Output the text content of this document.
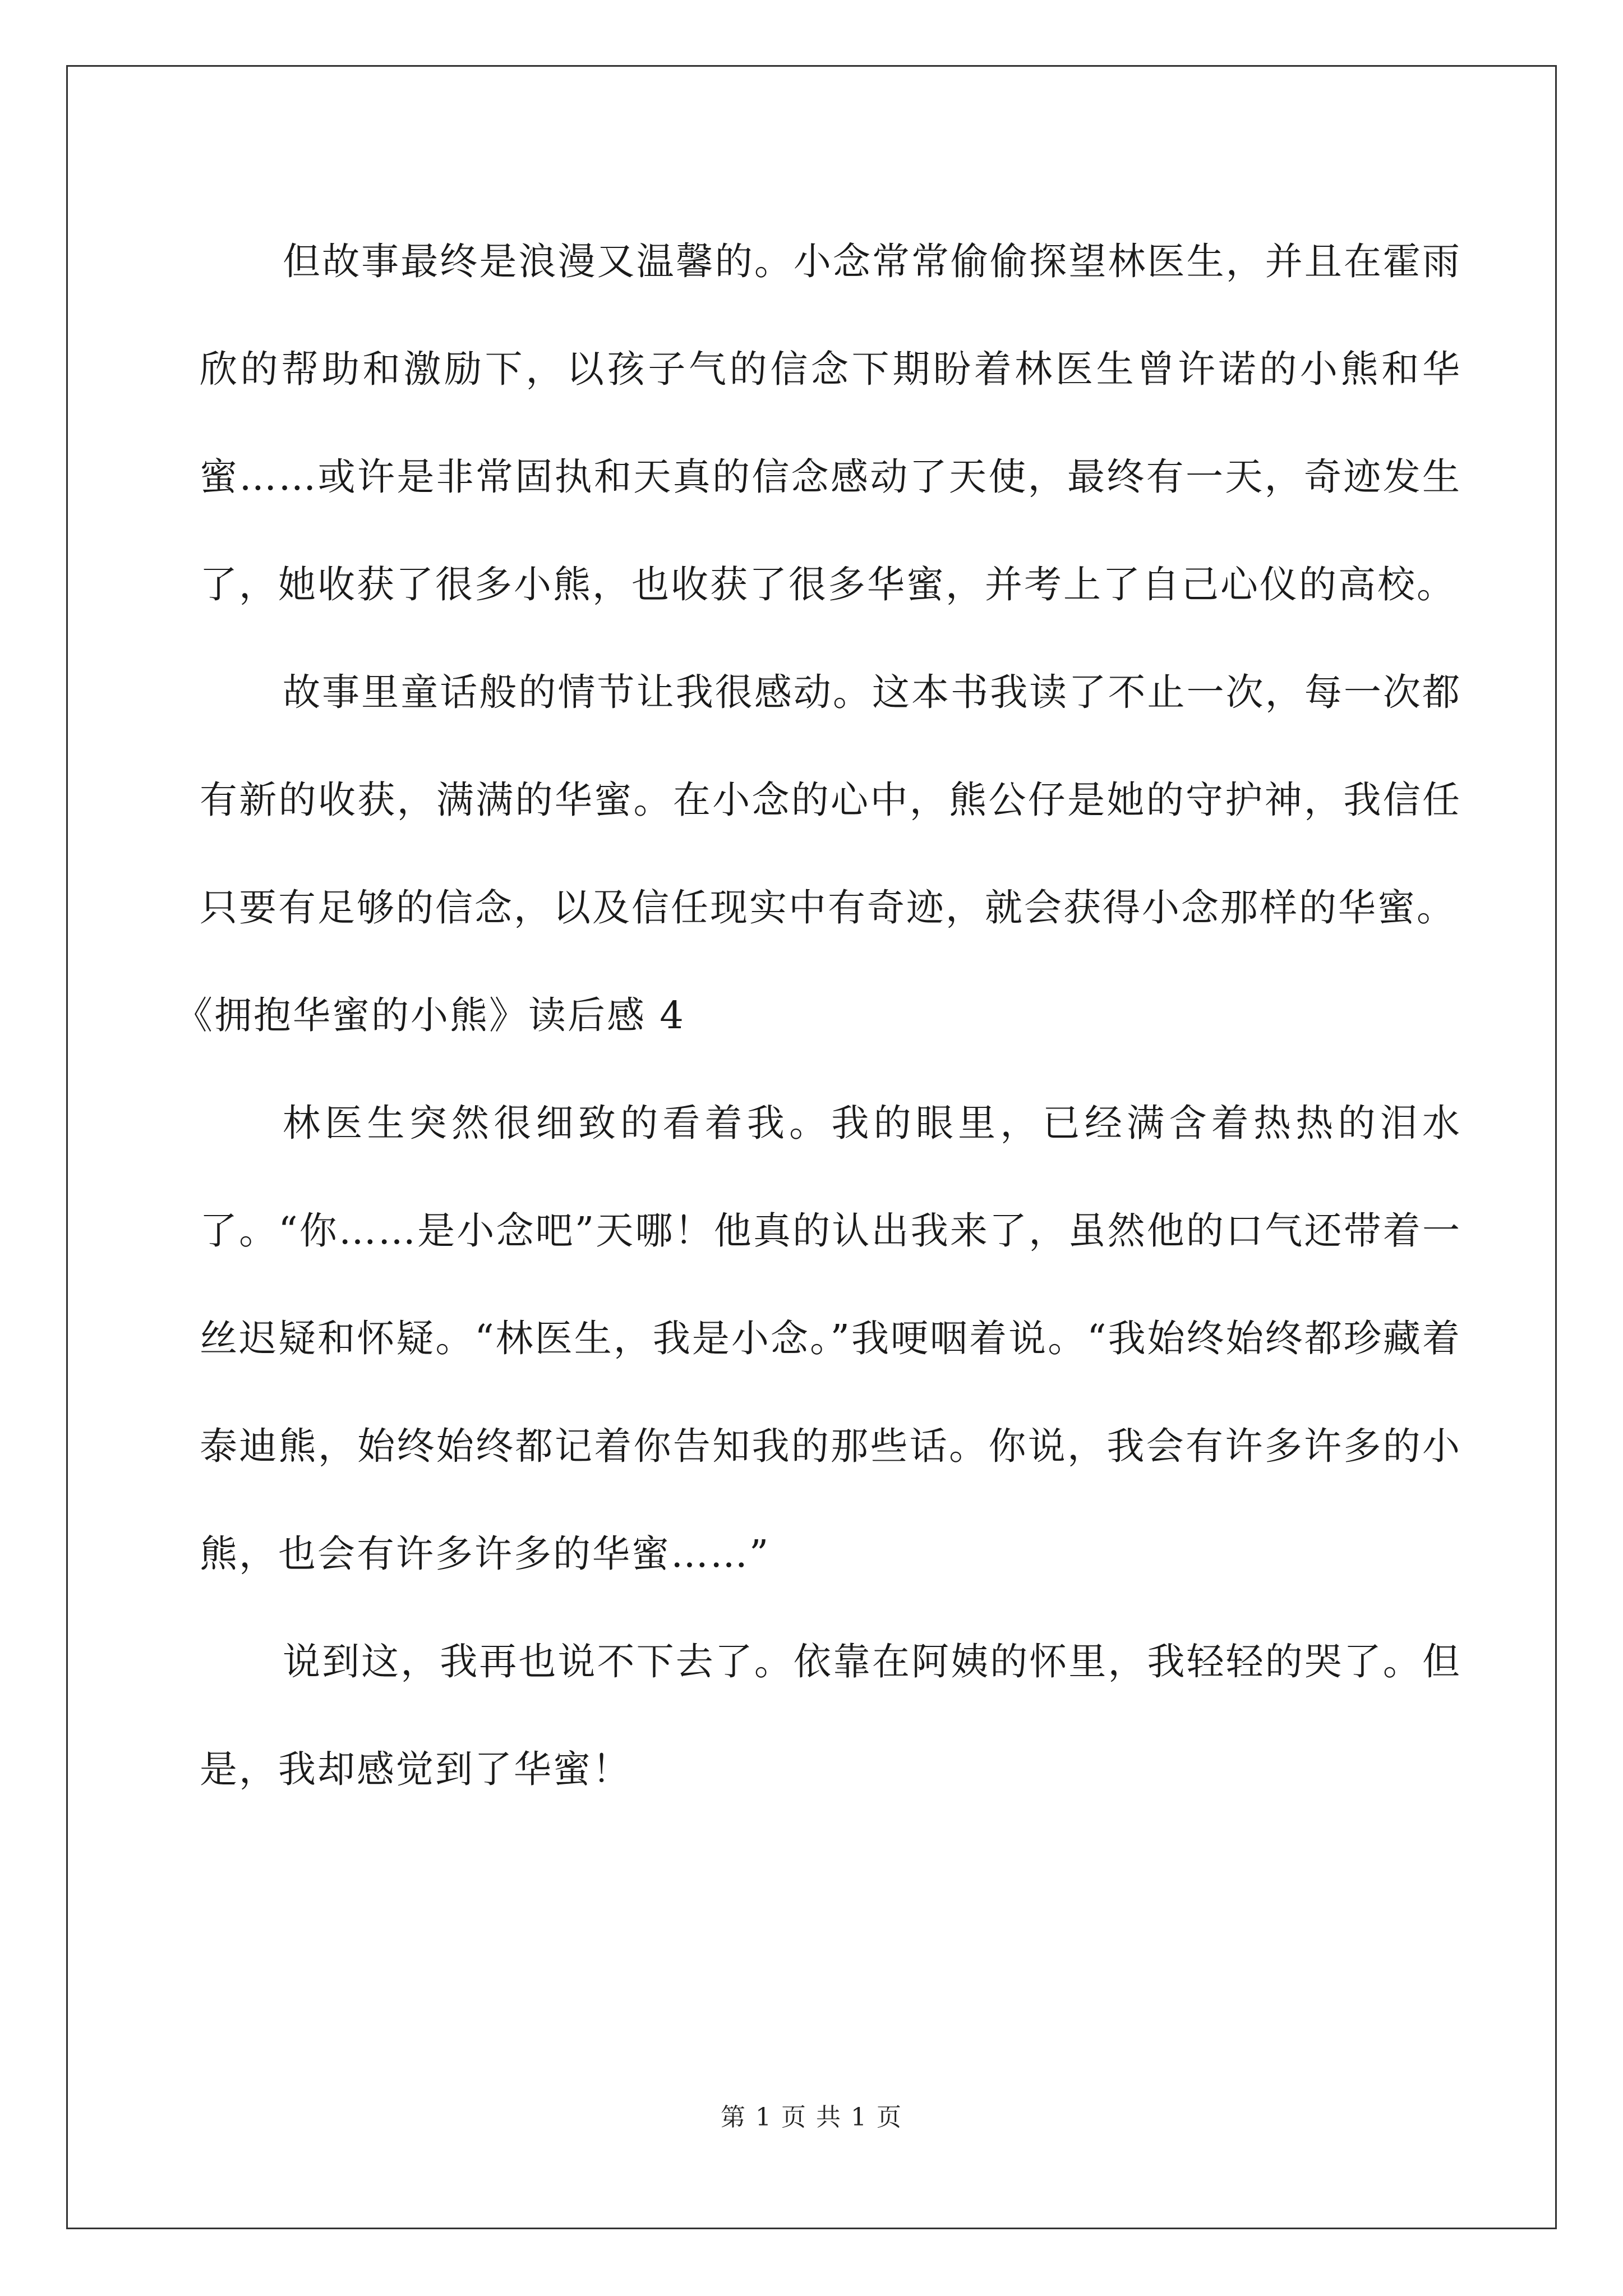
但故事最终是浪漫又温馨的。小念常常偷偷探望林医生，并且在霍雨欣的帮助和激励下，以孩子气的信念下期盼着林医生曾许诺的小熊和华蜜……或许是非常固执和天真的信念感动了天使，最终有一天，奇迹发生了，她收获了很多小熊，也收获了很多华蜜，并考上了自己心仪的高校。

故事里童话般的情节让我很感动。这本书我读了不止一次，每一次都有新的收获，满满的华蜜。在小念的心中，熊公仔是她的守护神，我信任只要有足够的信念，以及信任现实中有奇迹，就会获得小念那样的华蜜。

《拥抱华蜜的小熊》读后感 4

林医生突然很细致的看着我。我的眼里，已经满含着热热的泪水了。“你……是小念吧”天哪！他真的认出我来了，虽然他的口气还带着一丝迟疑和怀疑。“林医生，我是小念。”我哽咽着说。“我始终始终都珍藏着泰迪熊，始终始终都记着你告知我的那些话。你说，我会有许多许多的小熊，也会有许多许多的华蜜……”

说到这，我再也说不下去了。依靠在阿姨的怀里，我轻轻的哭了。但是，我却感觉到了华蜜！

第 1 页 共 1 页
